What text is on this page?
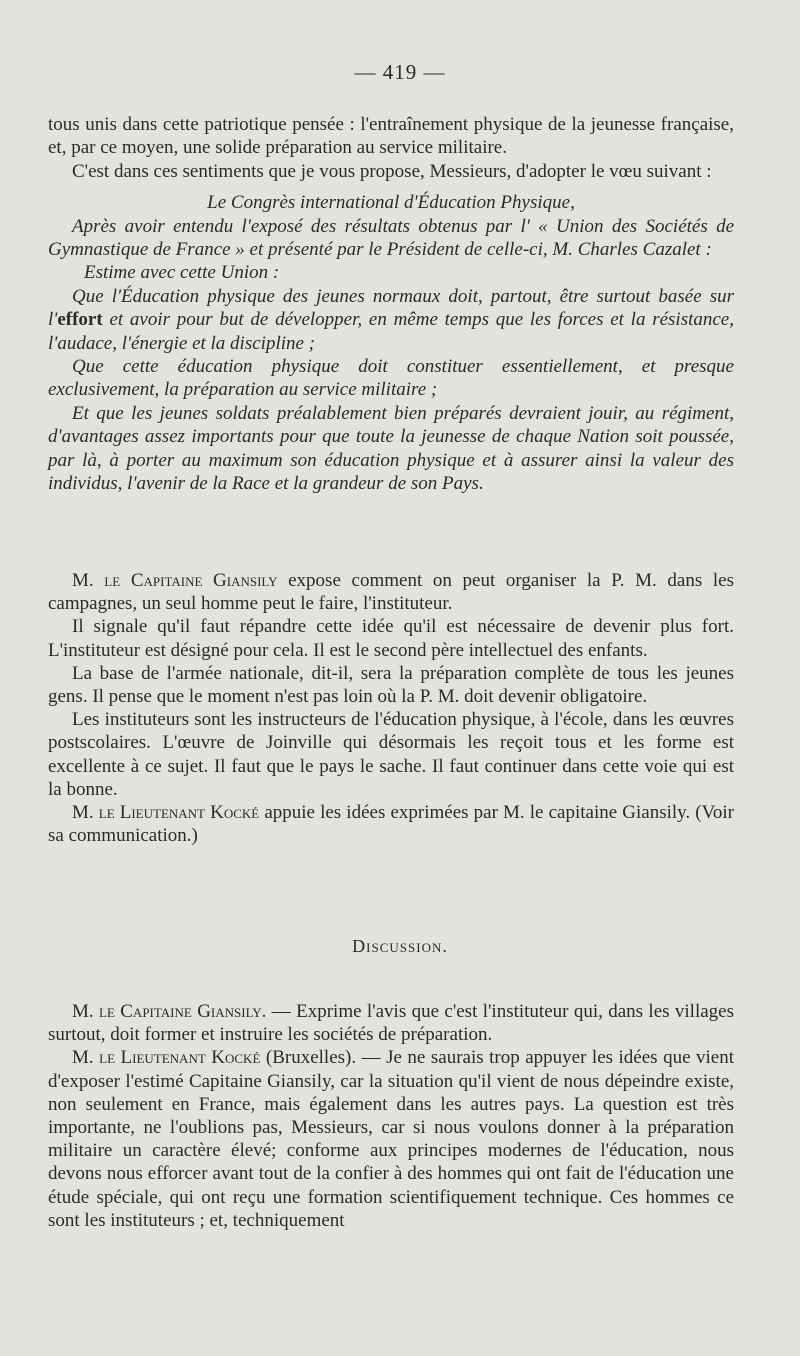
— 419 —

tous unis dans cette patriotique pensée : l'entraînement physique de la jeunesse française, et, par ce moyen, une solide préparation au service militaire.

C'est dans ces sentiments que je vous propose, Messieurs, d'adopter le vœu suivant :

Le Congrès international d'Éducation Physique,

Après avoir entendu l'exposé des résultats obtenus par l' « Union des Sociétés de Gymnastique de France » et présenté par le Président de celle-ci, M. Charles Cazalet :

Estime avec cette Union :

Que l'Éducation physique des jeunes normaux doit, partout, être surtout basée sur l'effort et avoir pour but de développer, en même temps que les forces et la résistance, l'audace, l'énergie et la discipline ;

Que cette éducation physique doit constituer essentiellement, et presque exclusivement, la préparation au service militaire ;

Et que les jeunes soldats préalablement bien préparés devraient jouir, au régiment, d'avantages assez importants pour que toute la jeunesse de chaque Nation soit poussée, par là, à porter au maximum son éducation physique et à assurer ainsi la valeur des individus, l'avenir de la Race et la grandeur de son Pays.

M. le Capitaine Giansily expose comment on peut organiser la P. M. dans les campagnes, un seul homme peut le faire, l'instituteur.

Il signale qu'il faut répandre cette idée qu'il est nécessaire de devenir plus fort. L'instituteur est désigné pour cela. Il est le second père intellectuel des enfants.

La base de l'armée nationale, dit-il, sera la préparation complète de tous les jeunes gens. Il pense que le moment n'est pas loin où la P. M. doit devenir obligatoire.

Les instituteurs sont les instructeurs de l'éducation physique, à l'école, dans les œuvres postscolaires. L'œuvre de Joinville qui désormais les reçoit tous et les forme est excellente à ce sujet. Il faut que le pays le sache. Il faut continuer dans cette voie qui est la bonne.

M. le Lieutenant Kocké appuie les idées exprimées par M. le capitaine Giansily. (Voir sa communication.)

Discussion.

M. le Capitaine Giansily. — Exprime l'avis que c'est l'instituteur qui, dans les villages surtout, doit former et instruire les sociétés de préparation.

M. le Lieutenant Kocké (Bruxelles). — Je ne saurais trop appuyer les idées que vient d'exposer l'estimé Capitaine Giansily, car la situation qu'il vient de nous dépeindre existe, non seulement en France, mais également dans les autres pays. La question est très importante, ne l'oublions pas, Messieurs, car si nous voulons donner à la préparation militaire un caractère élevé; conforme aux principes modernes de l'éducation, nous devons nous efforcer avant tout de la confier à des hommes qui ont fait de l'éducation une étude spéciale, qui ont reçu une formation scientifiquement technique. Ces hommes ce sont les instituteurs ; et, techniquement
